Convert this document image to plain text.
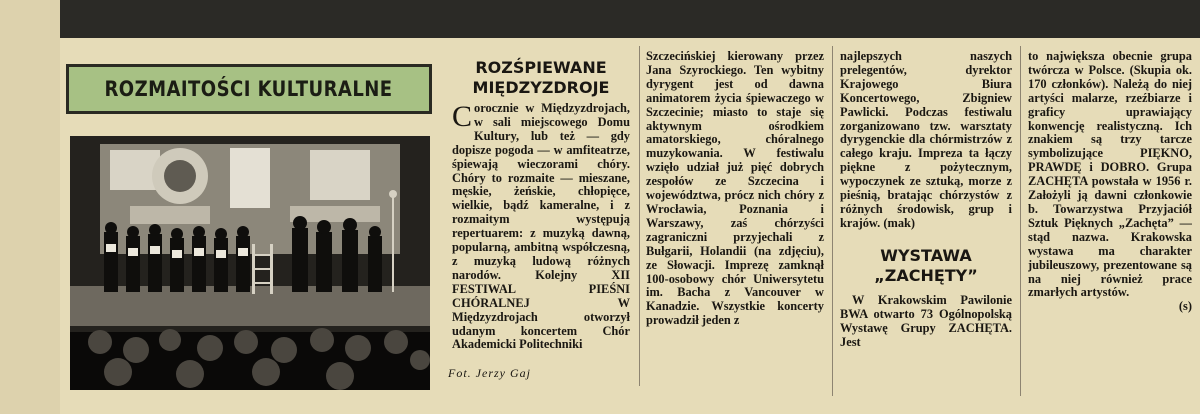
ROZMAITOŚCI KULTURALNE
Fot. Jerzy Gaj
ROZŚPIEWANE
MIĘDZYZDROJE

Corocznie w Międzyzdrojach, w sali miejscowego Domu Kultury, lub też — gdy dopisze pogoda — w amfiteatrze, śpiewają wieczorami chóry. Chóry to rozmaite — mieszane, męskie, żeńskie, chłopięce, wielkie, bądź kameralne, i z rozmaitym występują repertuarem: z muzyką dawną, popularną, ambitną współczesną, z muzyką ludową różnych narodów. Kolejny XII FESTIWAL PIEŚNI CHÓRALNEJ W Międzyzdrojach otworzył udanym koncertem Chór Akademicki Politechniki

Szczecińskiej kierowany przez Jana Szyrockiego. Ten wybitny dyrygent jest od dawna animatorem życia śpiewaczego w Szczecinie; miasto to staje się aktywnym ośrodkiem amatorskiego, chóralnego muzykowania. W festiwalu wzięło udział już pięć dobrych zespołów ze Szczecina i województwa, prócz nich chóry z Wrocławia, Poznania i Warszawy, zaś chórzyści zagraniczni przyjechali z Bułgarii, Holandii (na zdjęciu), ze Słowacji. Imprezę zamknął 100-osobowy chór Uniwersytetu im. Bacha z Vancouver w Kanadzie. Wszystkie koncerty prowadził jeden z

najlepszych naszych prelegentów, dyrektor Krajowego Biura Koncertowego, Zbigniew Pawlicki. Podczas festiwalu zorganizowano tzw. warsztaty dyrygenckie dla chórmistrzów z całego kraju. Impreza ta łączy piękne z pożytecznym, wypoczynek ze sztuką, morze z pieśnią, bratając chórzystów z różnych środowisk, grup i krajów. (mak)

WYSTAWA
„ZACHĘTY”

W Krakowskim Pawilonie BWA otwarto 73 Ogólnopolską Wystawę Grupy ZACHĘTA. Jest

to największa obecnie grupa twórcza w Polsce. (Skupia ok. 170 członków). Należą do niej artyści malarze, rzeźbiarze i graficy uprawiający konwencję realistyczną. Ich znakiem są trzy tarcze symbolizujące PIĘKNO, PRAWDĘ i DOBRO. Grupa ZACHĘTA powstała w 1956 r. Założyli ją dawni członkowie b. Towarzystwa Przyjaciół Sztuk Pięknych „Zachęta” — stąd nazwa. Krakowska wystawa ma charakter jubileuszowy, prezentowane są na niej również prace zmarłych artystów.

(s)
